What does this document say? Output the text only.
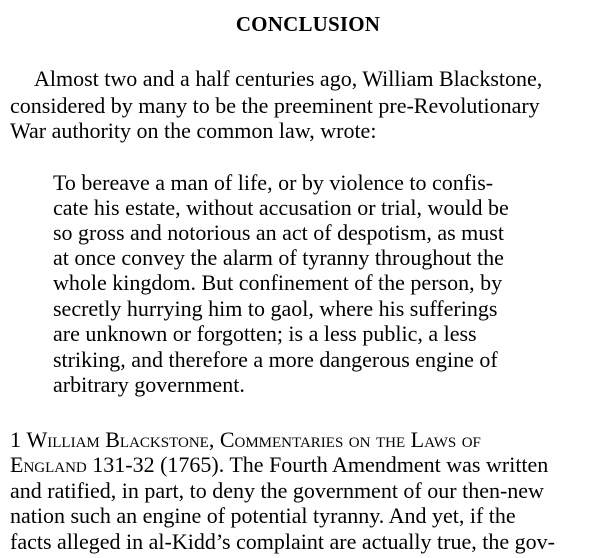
CONCLUSION
Almost two and a half centuries ago, William Blackstone,
considered by many to be the preeminent pre-Revolutionary
War authority on the common law, wrote:
To bereave a man of life, or by violence to confis-
cate his estate, without accusation or trial, would be
so gross and notorious an act of despotism, as must
at once convey the alarm of tyranny throughout the
whole kingdom. But confinement of the person, by
secretly hurrying him to gaol, where his sufferings
are unknown or forgotten; is a less public, a less
striking, and therefore a more dangerous engine of
arbitrary government.
1 William Blackstone, Commentaries on the Laws of
England 131-32 (1765). The Fourth Amendment was written
and ratified, in part, to deny the government of our then-new
nation such an engine of potential tyranny. And yet, if the
facts alleged in al-Kidd’s complaint are actually true, the gov-
